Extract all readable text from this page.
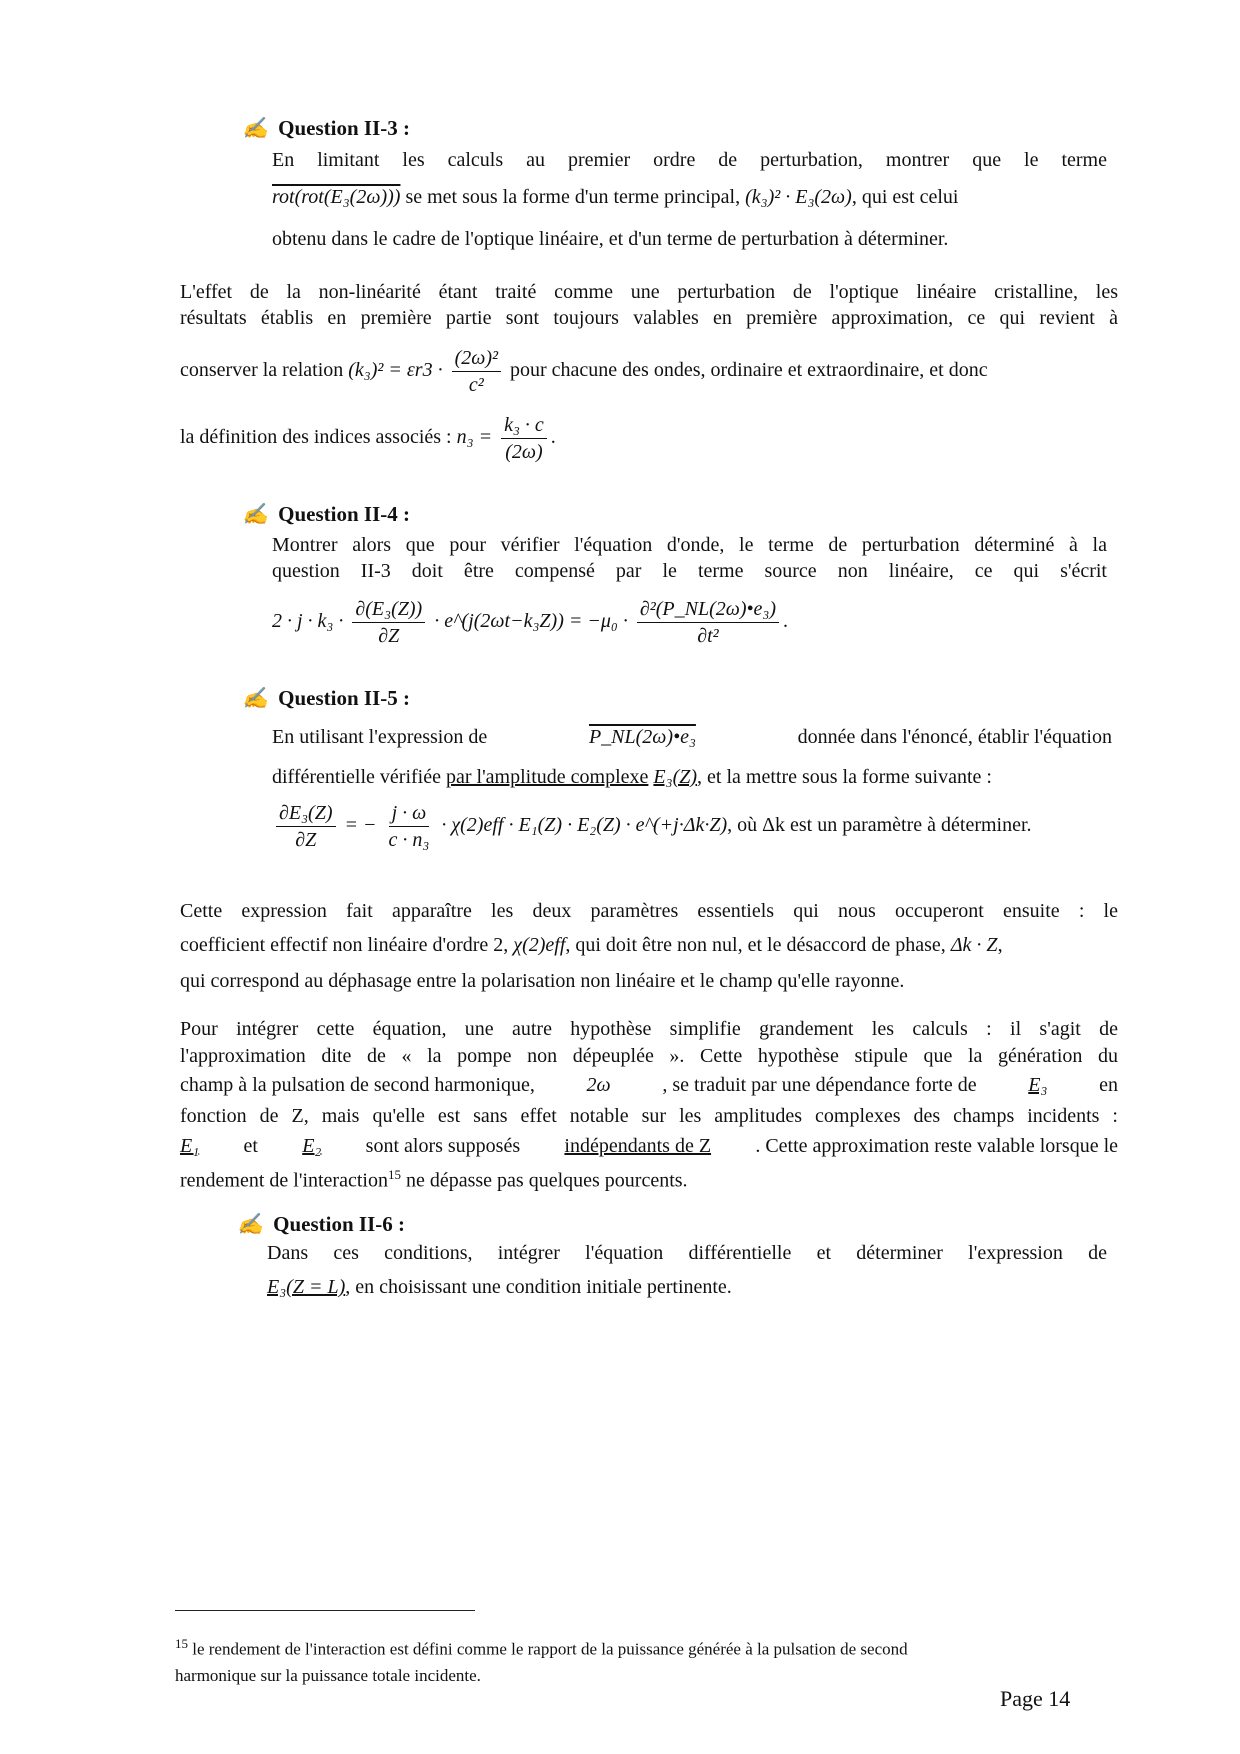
✍ Question II-3 :
En limitant les calculs au premier ordre de perturbation, montrer que le terme
rot(rot(E₃(2ω))) se met sous la forme d'un terme principal, (k₃)² · E₃(2ω), qui est celui
obtenu dans le cadre de l'optique linéaire, et d'un terme de perturbation à déterminer.
L'effet de la non-linéarité étant traité comme une perturbation de l'optique linéaire cristalline, les
résultats établis en première partie sont toujours valables en première approximation, ce qui revient à
conserver la relation $(k_3)^2 = \varepsilon r3 \cdot \frac{\text{(2ω)²}}{\text{c²}}$ pour chacune des ondes, ordinaire et extraordinaire, et donc
la définition des indices associés : $n_3 = \frac{\text{k₃ · c}}{(2\omega)}$ .
✍ Question II-4 :
Montrer alors que pour vérifier l'équation d'onde, le terme de perturbation déterminé à la
question II-3 doit être compensé par le terme source non linéaire, ce qui s'écrit
$2 \cdot j \cdot k_3 \cdot \frac{\text{∂(E₃(Z))}}{\partial Z}$ · e^(j(2ωt−k₃Z)) = $-\mu_0 \cdot \frac{\text{∂²(P\_NL(2ω)•e₃)}}{\text{∂t²}}$ .
✍ Question II-5 :
En utilisant l'expression de	P_NL(2ω)•e₃	donnée dans l'énoncé, établir l'équation
différentielle vérifiée par l'amplitude complexe E₃(Z), et la mettre sous la forme suivante :
$\frac{\text{∂E₃(Z)}}{\partial Z}$ = − $\frac{j \cdot \omega}{\text{c · n₃}} \cdot \chi(2)eff \cdot E_1(Z) \cdot E_2(Z)$ · e^(+j·Δk·Z), où Δk est un paramètre à déterminer.
Cette expression fait apparaître les deux paramètres essentiels qui nous occuperont ensuite : le
coefficient effectif non linéaire d'ordre 2, χ(2)eff, qui doit être non nul, et le désaccord de phase, Δk · Z,
qui correspond au déphasage entre la polarisation non linéaire et le champ qu'elle rayonne.
Pour intégrer cette équation, une autre hypothèse simplifie grandement les calculs : il s'agit de
l'approximation dite de « la pompe non dépeuplée ». Cette hypothèse stipule que la génération du
champ à la pulsation de second harmonique,	2ω	, se traduit par une dépendance forte de	E₃	en
fonction de Z, mais qu'elle est sans effet notable sur les amplitudes complexes des champs incidents :
E₁ et E₂ sont alors supposés indépendants de Z . Cette approximation reste valable lorsque le
rendement de l'interaction$^{15}$ ne dépasse pas quelques pourcents.
✍ Question II-6 :
Dans ces conditions, intégrer l'équation différentielle et déterminer l'expression de
E₃(Z = L), en choisissant une condition initiale pertinente.
$^{15}$ le rendement de l'interaction est défini comme le rapport de la puissance générée à la pulsation de second
harmonique sur la puissance totale incidente.
Page 14
